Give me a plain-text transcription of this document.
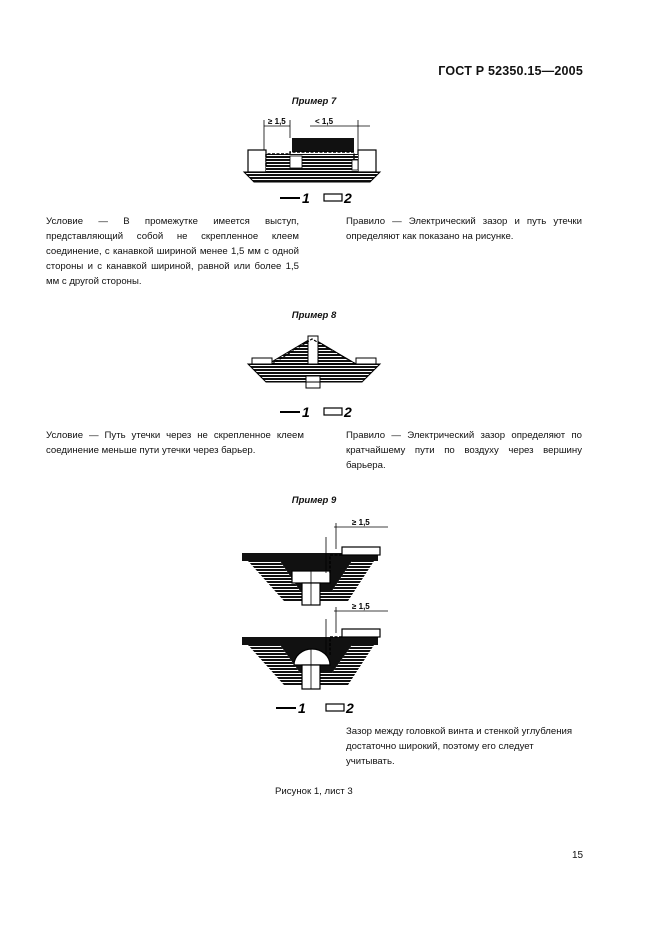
ГОСТ Р 52350.15—2005
Пример 7
≥ 1,5	< 1,5
1 2
Условие — В промежутке имеется выступ, представляющий собой не скрепленное клеем соединение, с канавкой шириной менее 1,5 мм с одной стороны и с канавкой шириной, равной или более 1,5 мм с другой стороны.
Правило — Электрический зазор и путь утечки определяют как показано на рисунке.
Пример 8
1 2
Условие — Путь утечки через не скрепленное клеем соединение меньше пути утечки через барьер.
Правило — Электрический зазор определяют по кратчайшему пути по воздуху через вершину барьера.
Пример 9
≥ 1,5
≥ 1,5
1	2
Зазор между головкой винта и стенкой углубления достаточно широкий, поэтому его следует учитывать.
Рисунок 1, лист 3
15
